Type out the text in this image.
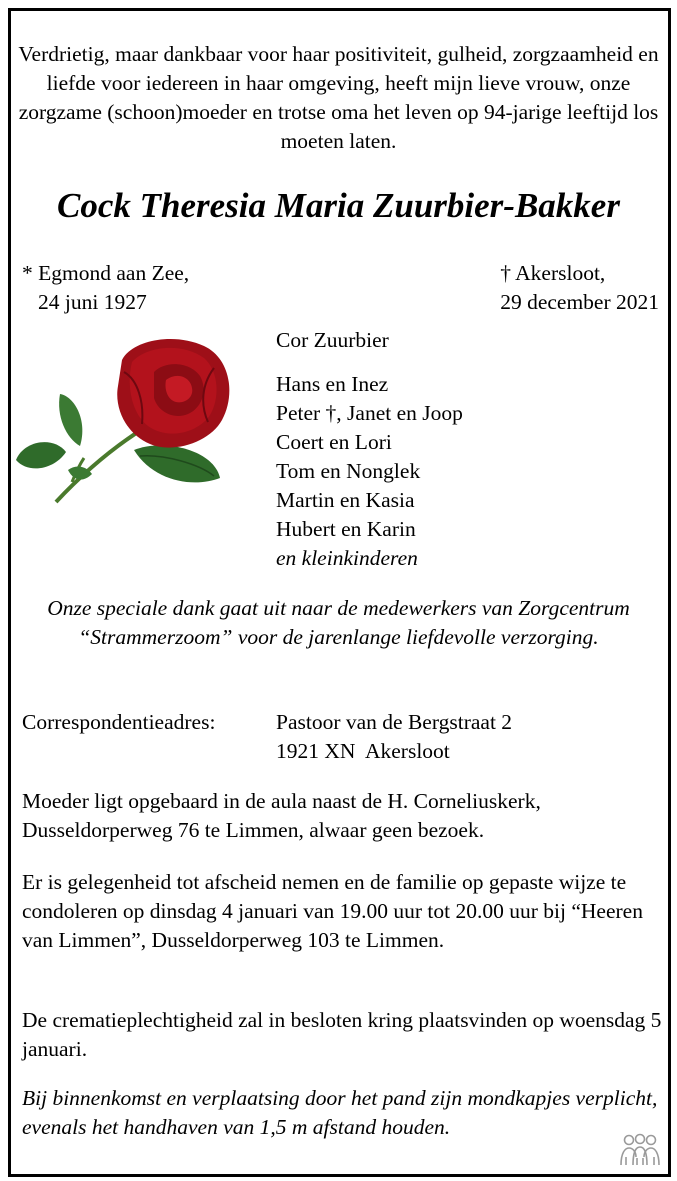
Verdrietig, maar dankbaar voor haar positiviteit, gulheid, zorgzaamheid en liefde voor iedereen in haar omgeving, heeft mijn lieve vrouw, onze zorgzame (schoon)moeder en trotse oma het leven op 94-jarige leeftijd los moeten laten.
Cock Theresia Maria Zuurbier-Bakker
* Egmond aan Zee,
24 juni 1927
† Akersloot,
29 december 2021
Cor Zuurbier
Hans en Inez
Peter †, Janet en Joop
Coert en Lori
Tom en Nonglek
Martin en Kasia
Hubert en Karin
en kleinkinderen
Onze speciale dank gaat uit naar de medewerkers van Zorgcentrum “Strammerzoom” voor de jarenlange liefdevolle verzorging.
Correspondentieadres:	Pastoor van de Bergstraat 2
1921 XN  Akersloot
Moeder ligt opgebaard in de aula naast de H. Corneliuskerk, Dusseldorperweg 76 te Limmen, alwaar geen bezoek.
Er is gelegenheid tot afscheid nemen en de familie op gepaste wijze te condoleren op dinsdag 4 januari van 19.00 uur tot 20.00 uur bij “Heeren van Limmen”, Dusseldorperweg 103 te Limmen.
De crematieplechtigheid zal in besloten kring plaatsvinden op woensdag 5 januari.
Bij binnenkomst en verplaatsing door het pand zijn mondkapjes verplicht, evenals het handhaven van 1,5 m afstand houden.
